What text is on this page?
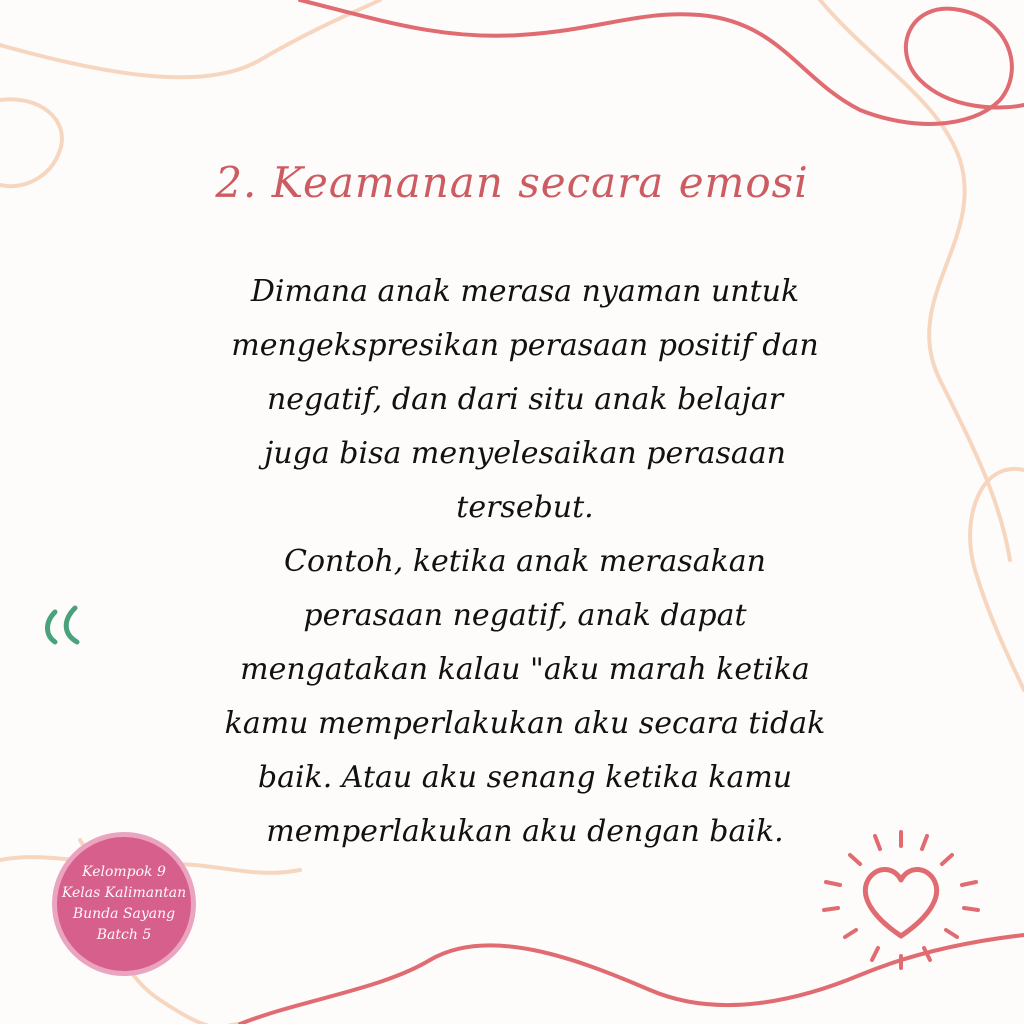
2. Keamanan secara emosi

Dimana anak merasa nyaman untuk
mengekspresikan perasaan positif dan
negatif, dan dari situ anak belajar
juga bisa menyelesaikan perasaan
tersebut.

Contoh, ketika anak merasakan
perasaan negatif, anak dapat
mengatakan kalau "aku marah ketika
kamu memperlakukan aku secara tidak
baik. Atau aku senang ketika kamu
memperlakukan aku dengan baik.

Kelompok 9
Kelas Kalimantan
Bunda Sayang
Batch 5
